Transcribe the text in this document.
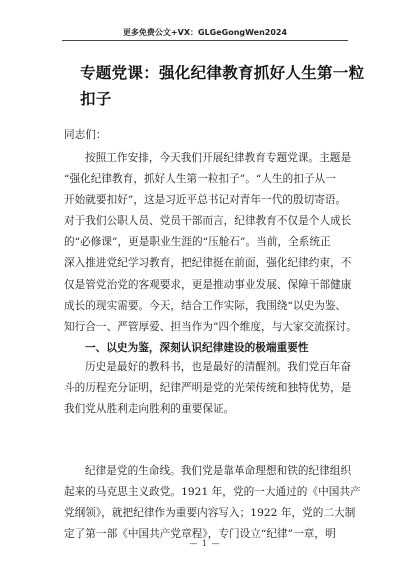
更多免费公文+VX：GLGeGongWen2024
专题党课：强化纪律教育抓好人生第一粒
扣子
同志们：
按照工作安排，今天我们开展纪律教育专题党课。主题是
“强化纪律教育，抓好人生第一粒扣子”。“人生的扣子从一
开始就要扣好”，这是习近平总书记对青年一代的殷切寄语。
对于我们公职人员、党员干部而言，纪律教育不仅是个人成长
的“必修课”，更是职业生涯的“压舱石”。当前，全系统正
深入推进党纪学习教育，把纪律挺在前面，强化纪律约束，不
仅是管党治党的客观要求，更是推动事业发展、保障干部健康
成长的现实需要。今天，结合工作实际，我围绕“以史为鉴、
知行合一、严管厚爱、担当作为”四个维度，与大家交流探讨。
一、以史为鉴，深刻认识纪律建设的极端重要性
历史是最好的教科书，也是最好的清醒剂。我们党百年奋
斗的历程充分证明，纪律严明是党的光荣传统和独特优势，是
我们党从胜利走向胜利的重要保证。
纪律是党的生命线。我们党是靠革命理想和铁的纪律组织
起来的马克思主义政党。1921 年，党的一大通过的《中国共产
党纲领》，就把纪律作为重要内容写入；1922 年，党的二大制
定了第一部《中国共产党章程》，专门设立“纪律”一章，明
— 1 —
